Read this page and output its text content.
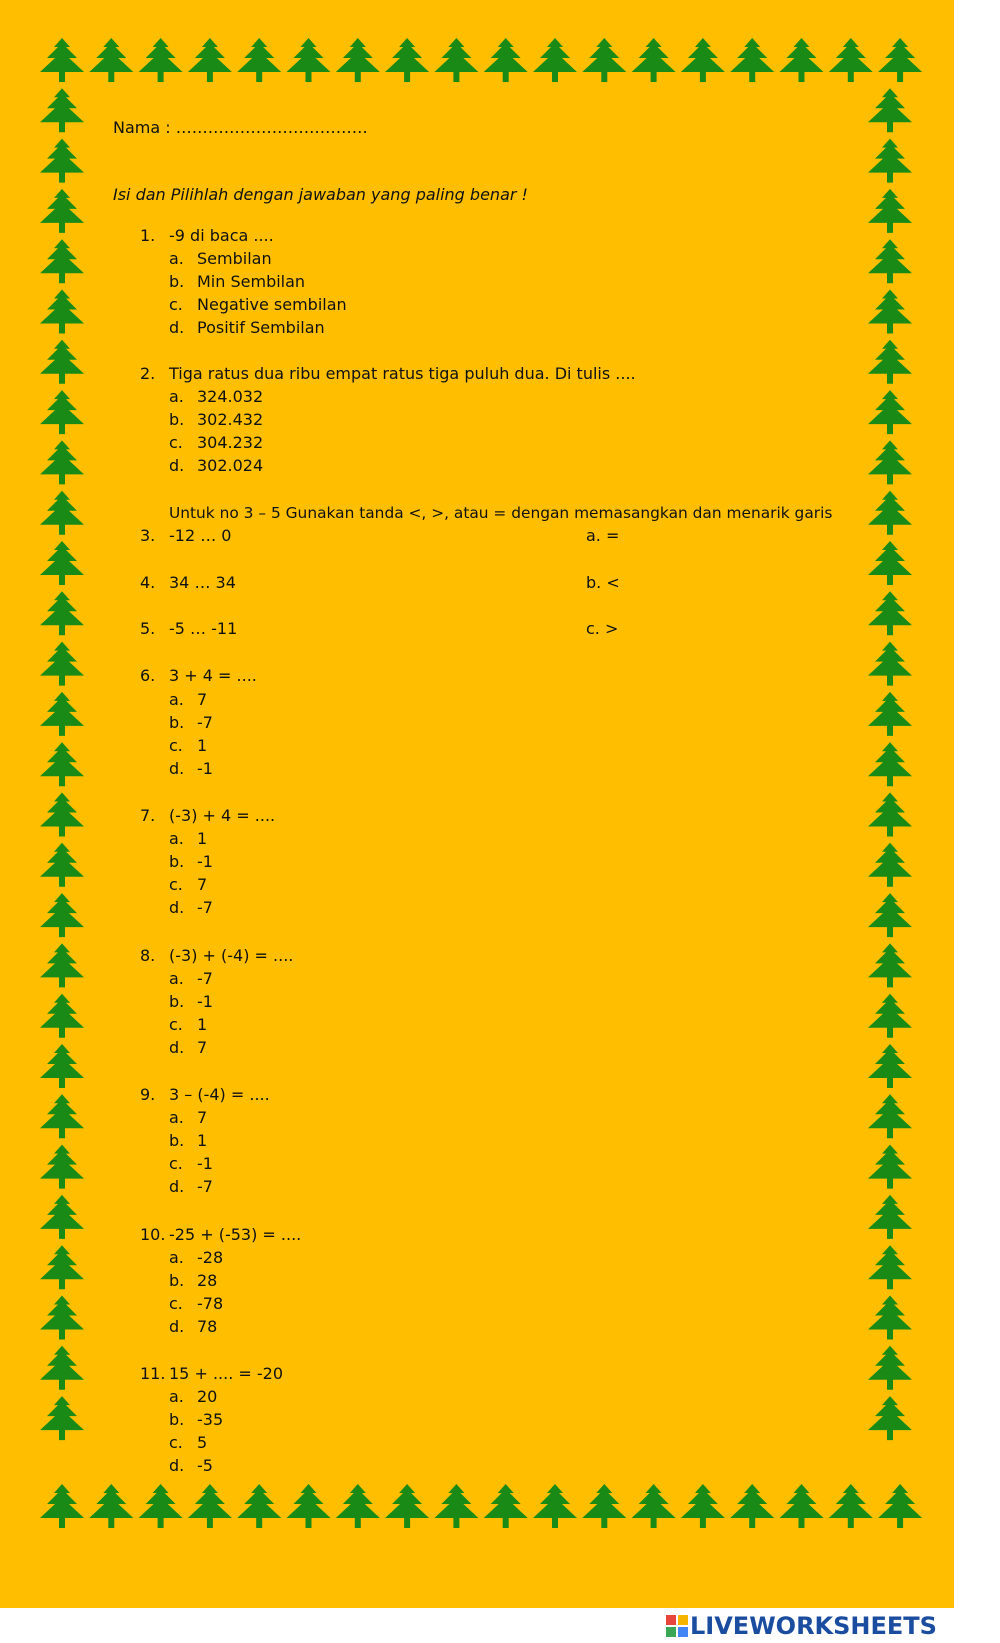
Nama : ………………………………
Isi dan Pilihlah dengan jawaban yang paling benar !
1. -9 di baca ....
a. Sembilan
b. Min Sembilan
c. Negative sembilan
d. Positif Sembilan
2. Tiga ratus dua ribu empat ratus tiga puluh dua. Di tulis ....
a. 324.032
b. 302.432
c. 304.232
d. 302.024
Untuk no 3 – 5 Gunakan tanda <, >, atau = dengan memasangkan dan menarik garis
3. -12 … 0	a. =
4. 34 … 34	b. <
5. -5 … -11	c. >
6. 3 + 4 = ....
a. 7
b. -7
c. 1
d. -1
7. (-3) + 4 = ....
a. 1
b. -1
c. 7
d. -7
8. (-3) + (-4) = ....
a. -7
b. -1
c. 1
d. 7
9. 3 – (-4) = ....
a. 7
b. 1
c. -1
d. -7
10. -25 + (-53) = ....
a. -28
b. 28
c. -78
d. 78
11. 15 + .... = -20
a. 20
b. -35
c. 5
d. -5
LIVEWORKSHEETS
